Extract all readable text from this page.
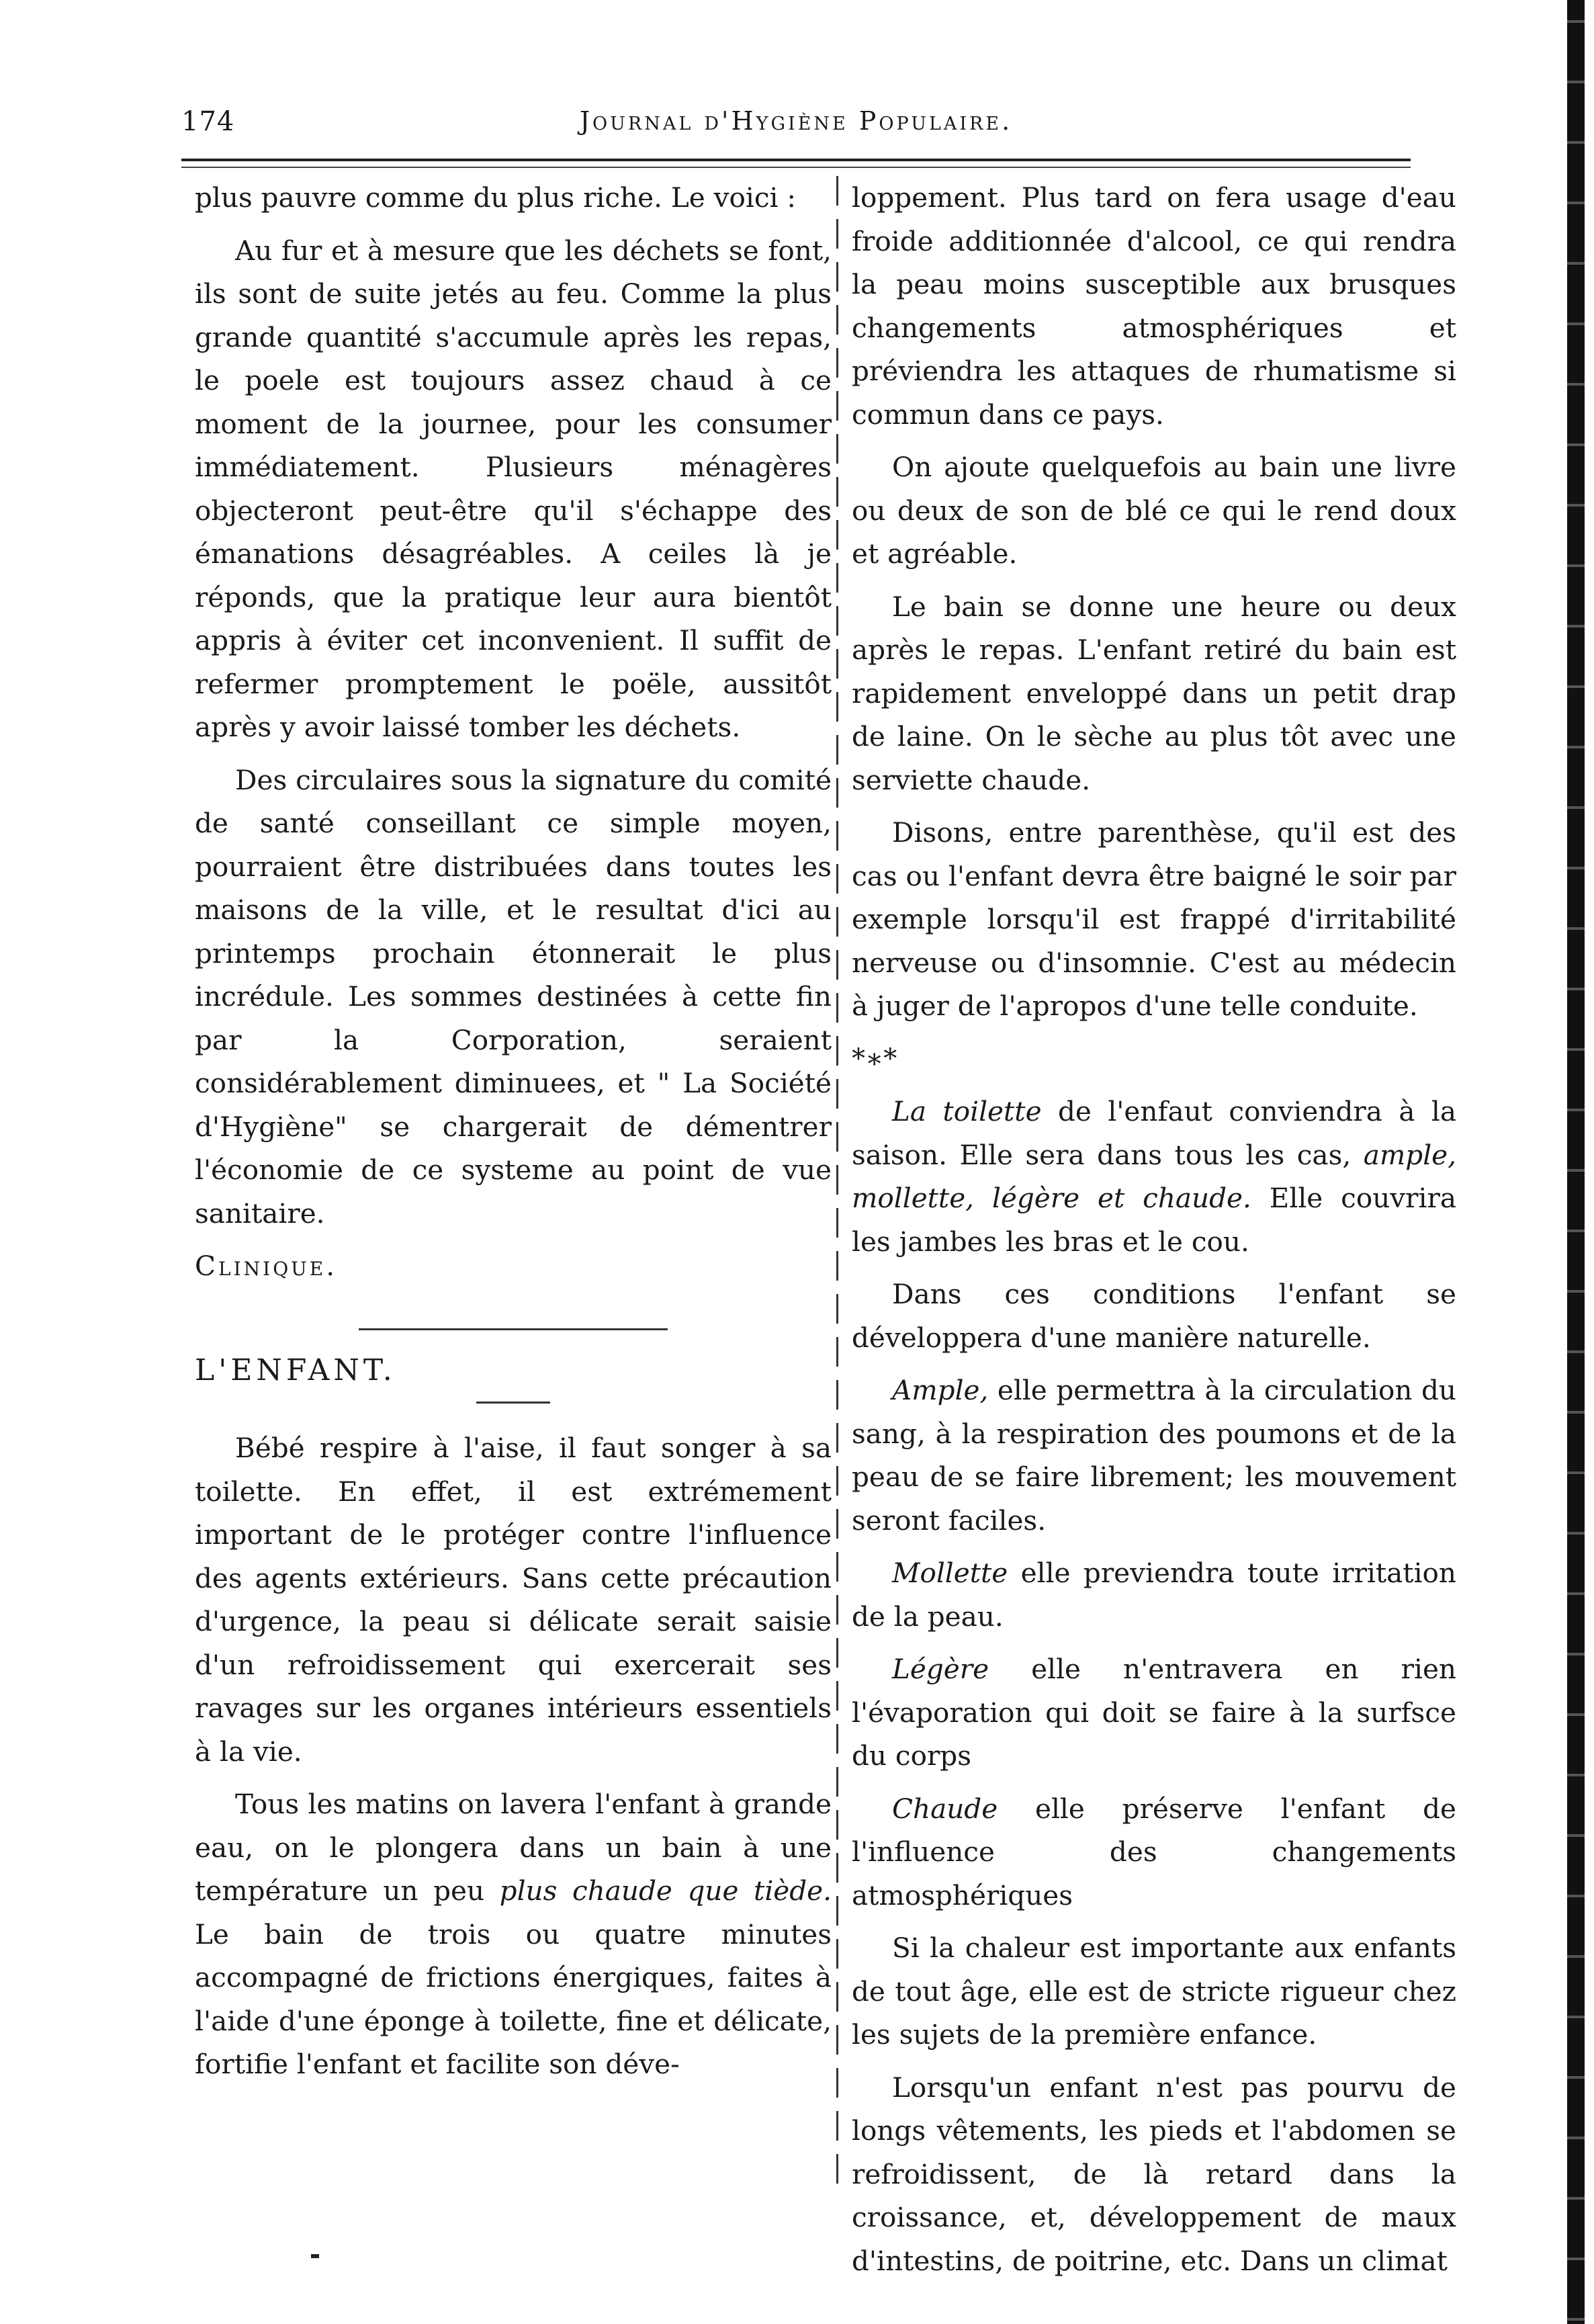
174	Journal d'Hygiène Populaire.

plus pauvre comme du plus riche. Le voici :

Au fur et à mesure que les déchets se font, ils sont de suite jetés au feu. Comme la plus grande quantité s'accumule après les repas, le poele est toujours assez chaud à ce moment de la journee, pour les consumer immédiatement. Plusieurs ménagères objecteront peut-être qu'il s'échappe des émanations désagréables. A ceiles là je réponds, que la pratique leur aura bientôt appris à éviter cet inconvenient. Il suffit de refermer promptement le poële, aussitôt après y avoir laissé tomber les déchets.

Des circulaires sous la signature du comité de santé conseillant ce simple moyen, pourraient être distribuées dans toutes les maisons de la ville, et le resultat d'ici au printemps prochain étonnerait le plus incrédule. Les sommes destinées à cette fin par la Corporation, seraient considérablement diminuees, et " La Société d'Hygiène" se chargerait de démentrer l'économie de ce systeme au point de vue sanitaire.

Clinique.

L'ENFANT.

Bébé respire à l'aise, il faut songer à sa toilette. En effet, il est extrémement important de le protéger contre l'influence des agents extérieurs. Sans cette précaution d'urgence, la peau si délicate serait saisie d'un refroidissement qui exercerait ses ravages sur les organes intérieurs essentiels à la vie.

Tous les matins on lavera l'enfant à grande eau, on le plongera dans un bain à une température un peu plus chaude que tiède. Le bain de trois ou quatre minutes accompagné de frictions énergiques, faites à l'aide d'une éponge à toilette, fine et délicate, fortifie l'enfant et facilite son déve-

loppement. Plus tard on fera usage d'eau froide additionnée d'alcool, ce qui rendra la peau moins susceptible aux brusques changements atmosphériques et préviendra les attaques de rhumatisme si commun dans ce pays.

On ajoute quelquefois au bain une livre ou deux de son de blé ce qui le rend doux et agréable.

Le bain se donne une heure ou deux après le repas. L'enfant retiré du bain est rapidement enveloppé dans un petit drap de laine. On le sèche au plus tôt avec une serviette chaude.

Disons, entre parenthèse, qu'il est des cas ou l'enfant devra être baigné le soir par exemple lorsqu'il est frappé d'irritabilité nerveuse ou d'insomnie. C'est au médecin à juger de l'apropos d'une telle conduite.

*∗*

La toilette de l'enfaut conviendra à la saison. Elle sera dans tous les cas, ample, mollette, légère et chaude. Elle couvrira les jambes les bras et le cou.

Dans ces conditions l'enfant se développera d'une manière naturelle.

Ample, elle permettra à la circulation du sang, à la respiration des poumons et de la peau de se faire librement; les mouvement seront faciles.

Mollette elle previendra toute irritation de la peau.

Légère elle n'entravera en rien l'évaporation qui doit se faire à la surfsce du corps

Chaude elle préserve l'enfant de l'influence des changements atmosphériques

Si la chaleur est importante aux enfants de tout âge, elle est de stricte rigueur chez les sujets de la première enfance.

Lorsqu'un enfant n'est pas pourvu de longs vêtements, les pieds et l'abdomen se refroidissent, de là retard dans la croissance, et, développement de maux d'intestins, de poitrine, etc. Dans un climat
